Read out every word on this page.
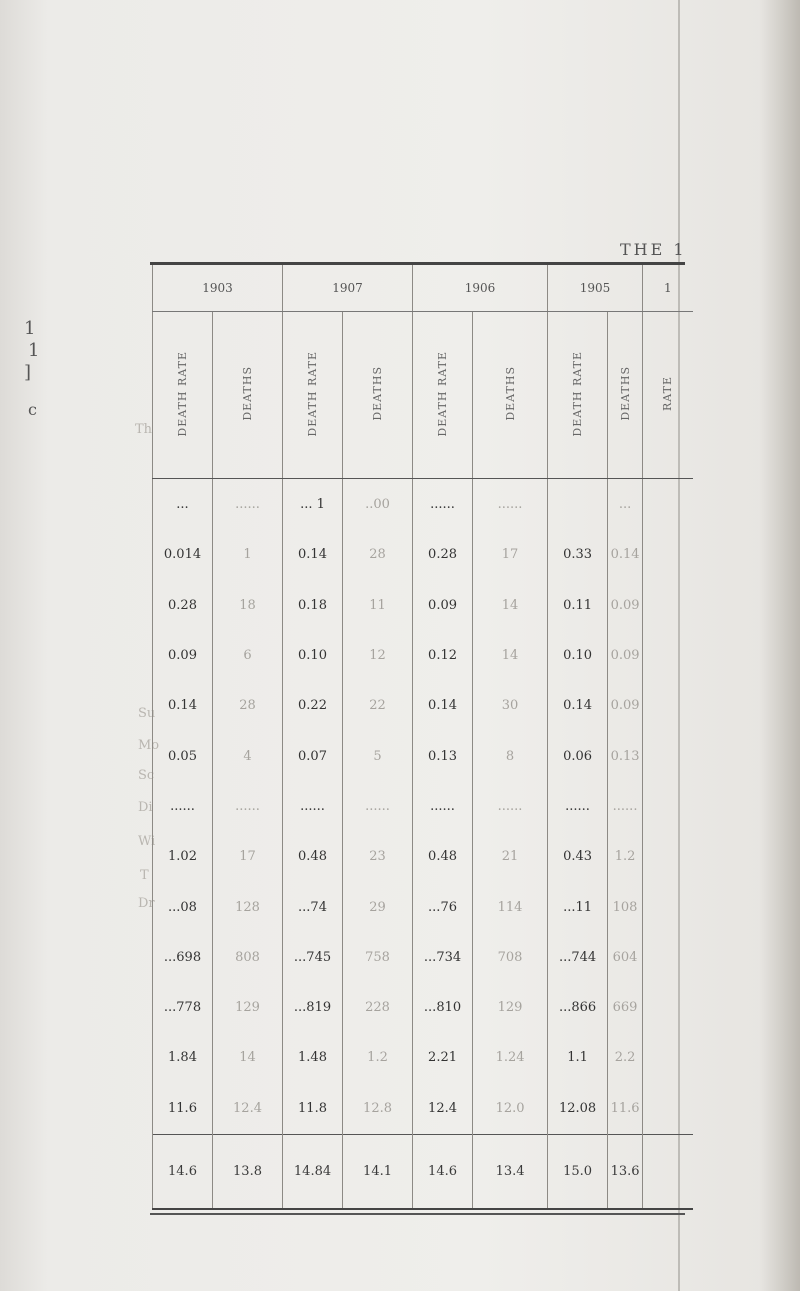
1
1
]
c
Th
Su
Mo
Sc
Di
Wi
T
Dr
THE 1
1903		1907		1906		1905		1
DEATH RATE	DEATHS	DEATH RATE	DEATHS	DEATH RATE	DEATHS	DEATH RATE	DEATHS	RATE
...	......	... 1	..00	......	......		...	
0.014	1	0.14	28	0.28	17	0.33	0.14	
0.28	18	0.18	11	0.09	14	0.11	0.09	
0.09	6	0.10	12	0.12	14	0.10	0.09	
0.14	28	0.22	22	0.14	30	0.14	0.09	
0.05	4	0.07	5	0.13	8	0.06	0.13	
......	......	......	......	......	......	......	......	
1.02	17	0.48	23	0.48	21	0.43	1.2	
...08	128	...74	29	...76	114	...11	108	
...698	808	...745	758	...734	708	...744	604	
...778	129	...819	228	...810	129	...866	669	
1.84	14	1.48	1.2	2.21	1.24	1.1	2.2	
11.6	12.4	11.8	12.8	12.4	12.0	12.08	11.6	
14.6	13.8	14.84	14.1	14.6	13.4	15.0	13.6	
